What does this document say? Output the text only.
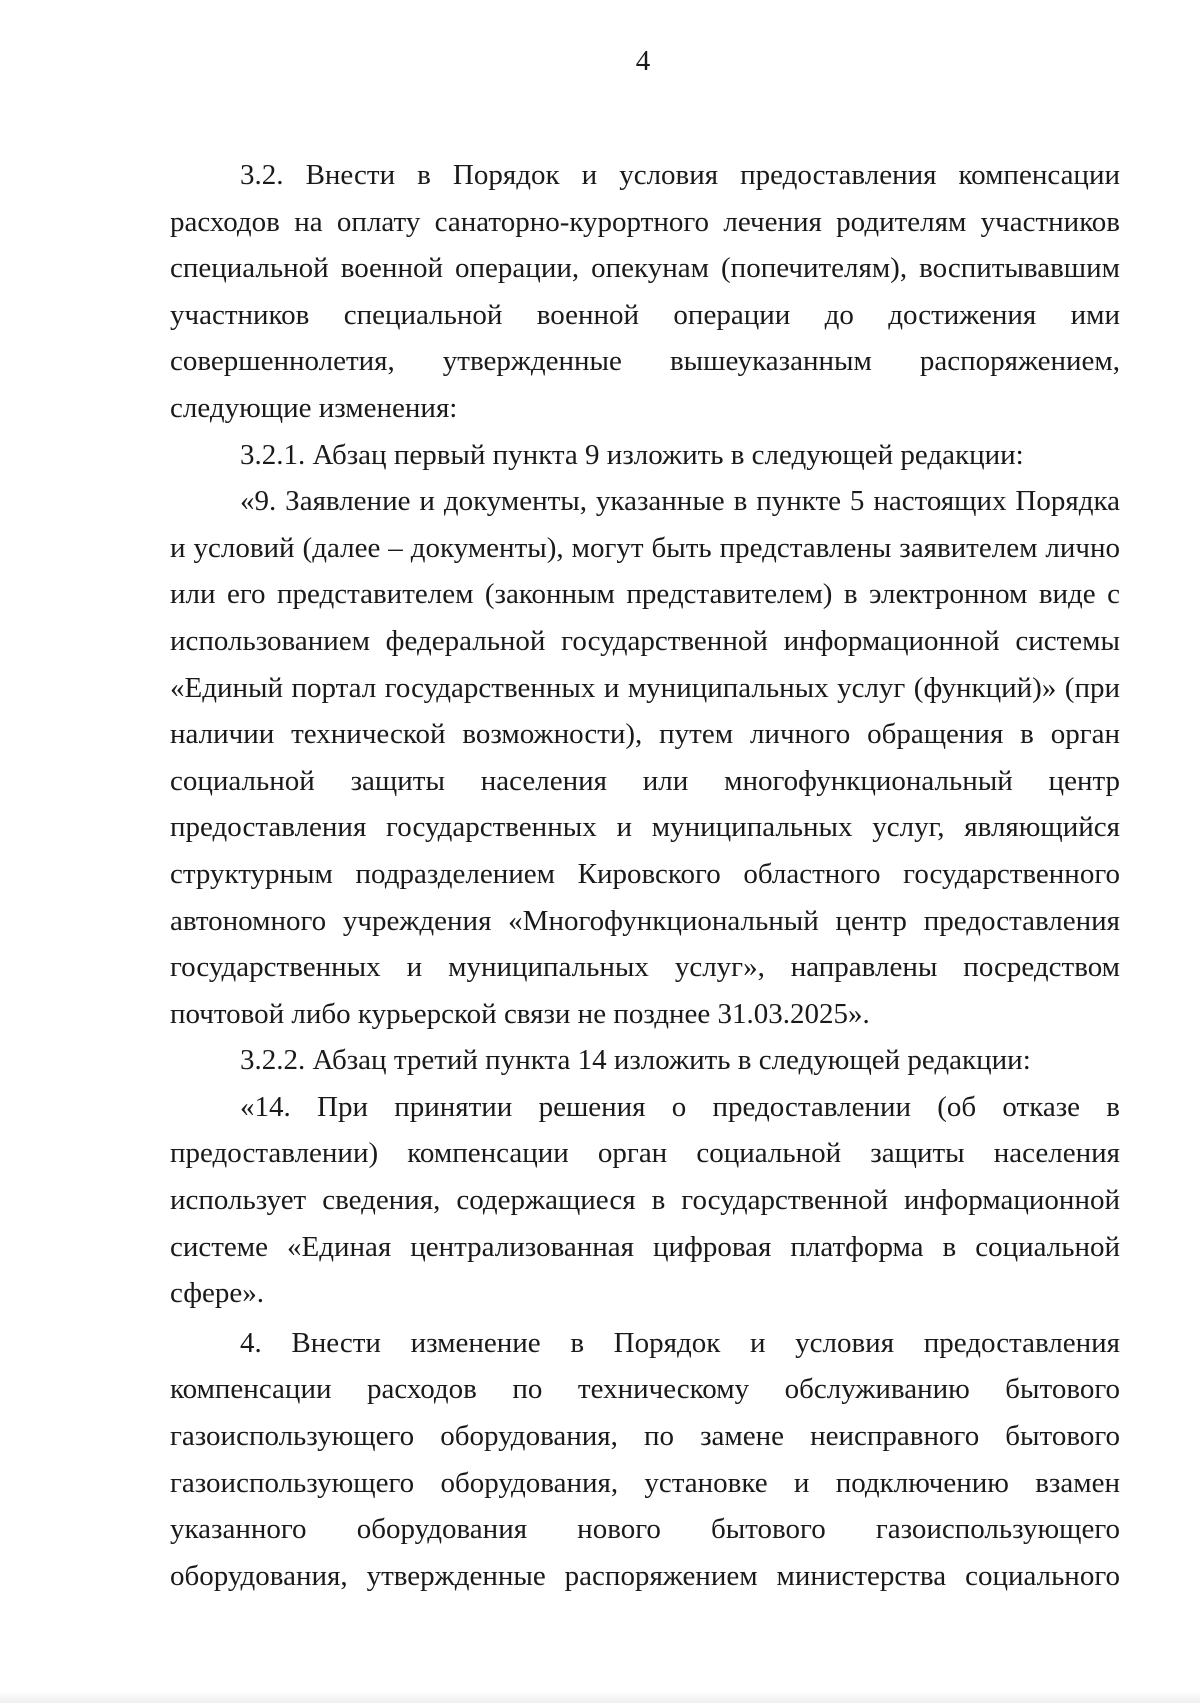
4

3.2. Внести в Порядок и условия предоставления компенсации расходов на оплату санаторно-курортного лечения родителям участников специальной военной операции, опекунам (попечителям), воспитывавшим участников специальной военной операции до достижения ими совершеннолетия, утвержденные вышеуказанным распоряжением, следующие изменения:

3.2.1. Абзац первый пункта 9 изложить в следующей редакции:

«9. Заявление и документы, указанные в пункте 5 настоящих Порядка и условий (далее – документы), могут быть представлены заявителем лично или его представителем (законным представителем) в электронном виде с использованием федеральной государственной информационной системы «Единый портал государственных и муниципальных услуг (функций)» (при наличии технической возможности), путем личного обращения в орган социальной защиты населения или многофункциональный центр предоставления государственных и муниципальных услуг, являющийся структурным подразделением Кировского областного государственного автономного учреждения «Многофункциональный центр предоставления государственных и муниципальных услуг», направлены посредством почтовой либо курьерской связи не позднее 31.03.2025».

3.2.2. Абзац третий пункта 14 изложить в следующей редакции:

«14. При принятии решения о предоставлении (об отказе в предоставлении) компенсации орган социальной защиты населения использует сведения, содержащиеся в государственной информационной системе «Единая централизованная цифровая платформа в социальной сфере».

4. Внести изменение в Порядок и условия предоставления компенсации расходов по техническому обслуживанию бытового газоиспользующего оборудования, по замене неисправного бытового газоиспользующего оборудования, установке и подключению взамен указанного оборудования нового бытового газоиспользующего оборудования, утвержденные распоряжением министерства социального
